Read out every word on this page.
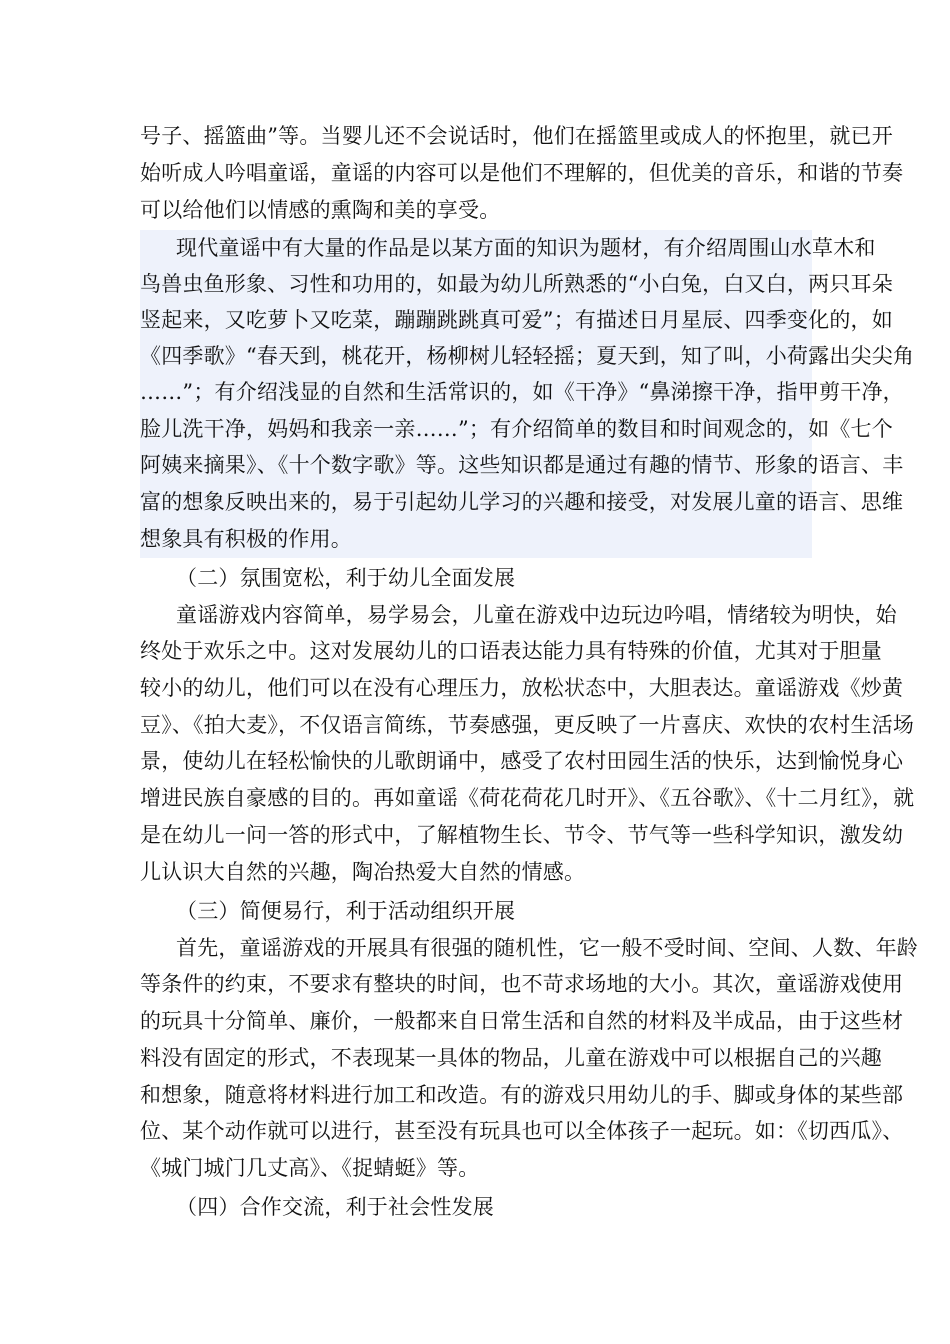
号子、摇篮曲”等。当婴儿还不会说话时，他们在摇篮里或成人的怀抱里，就已开
始听成人吟唱童谣，童谣的内容可以是他们不理解的，但优美的音乐，和谐的节奏
可以给他们以情感的熏陶和美的享受。
现代童谣中有大量的作品是以某方面的知识为题材，有介绍周围山水草木和
鸟兽虫鱼形象、习性和功用的，如最为幼儿所熟悉的“小白兔，白又白，两只耳朵
竖起来，又吃萝卜又吃菜，蹦蹦跳跳真可爱”；有描述日月星辰、四季变化的，如
《四季歌》“春天到，桃花开，杨柳树儿轻轻摇；夏天到，知了叫，小荷露出尖尖角
……”；有介绍浅显的自然和生活常识的，如《干净》“鼻涕擦干净，指甲剪干净，
脸儿洗干净，妈妈和我亲一亲……”；有介绍简单的数目和时间观念的，如《七个
阿姨来摘果》、《十个数字歌》等。这些知识都是通过有趣的情节、形象的语言、丰
富的想象反映出来的，易于引起幼儿学习的兴趣和接受，对发展儿童的语言、思维
想象具有积极的作用。
（二）氛围宽松，利于幼儿全面发展
童谣游戏内容简单，易学易会，儿童在游戏中边玩边吟唱，情绪较为明快，始
终处于欢乐之中。这对发展幼儿的口语表达能力具有特殊的价值，尤其对于胆量
较小的幼儿，他们可以在没有心理压力，放松状态中，大胆表达。童谣游戏《炒黄
豆》、《拍大麦》，不仅语言简练，节奏感强，更反映了一片喜庆、欢快的农村生活场
景，使幼儿在轻松愉快的儿歌朗诵中，感受了农村田园生活的快乐，达到愉悦身心
增进民族自豪感的目的。再如童谣《荷花荷花几时开》、《五谷歌》、《十二月红》，就
是在幼儿一问一答的形式中，了解植物生长、节令、节气等一些科学知识，激发幼
儿认识大自然的兴趣，陶冶热爱大自然的情感。
（三）简便易行，利于活动组织开展
首先，童谣游戏的开展具有很强的随机性，它一般不受时间、空间、人数、年龄
等条件的约束，不要求有整块的时间，也不苛求场地的大小。其次，童谣游戏使用
的玩具十分简单、廉价，一般都来自日常生活和自然的材料及半成品，由于这些材
料没有固定的形式，不表现某一具体的物品，儿童在游戏中可以根据自己的兴趣
和想象，随意将材料进行加工和改造。有的游戏只用幼儿的手、脚或身体的某些部
位、某个动作就可以进行，甚至没有玩具也可以全体孩子一起玩。如：《切西瓜》、
《城门城门几丈高》、《捉蜻蜓》等。
（四）合作交流，利于社会性发展
